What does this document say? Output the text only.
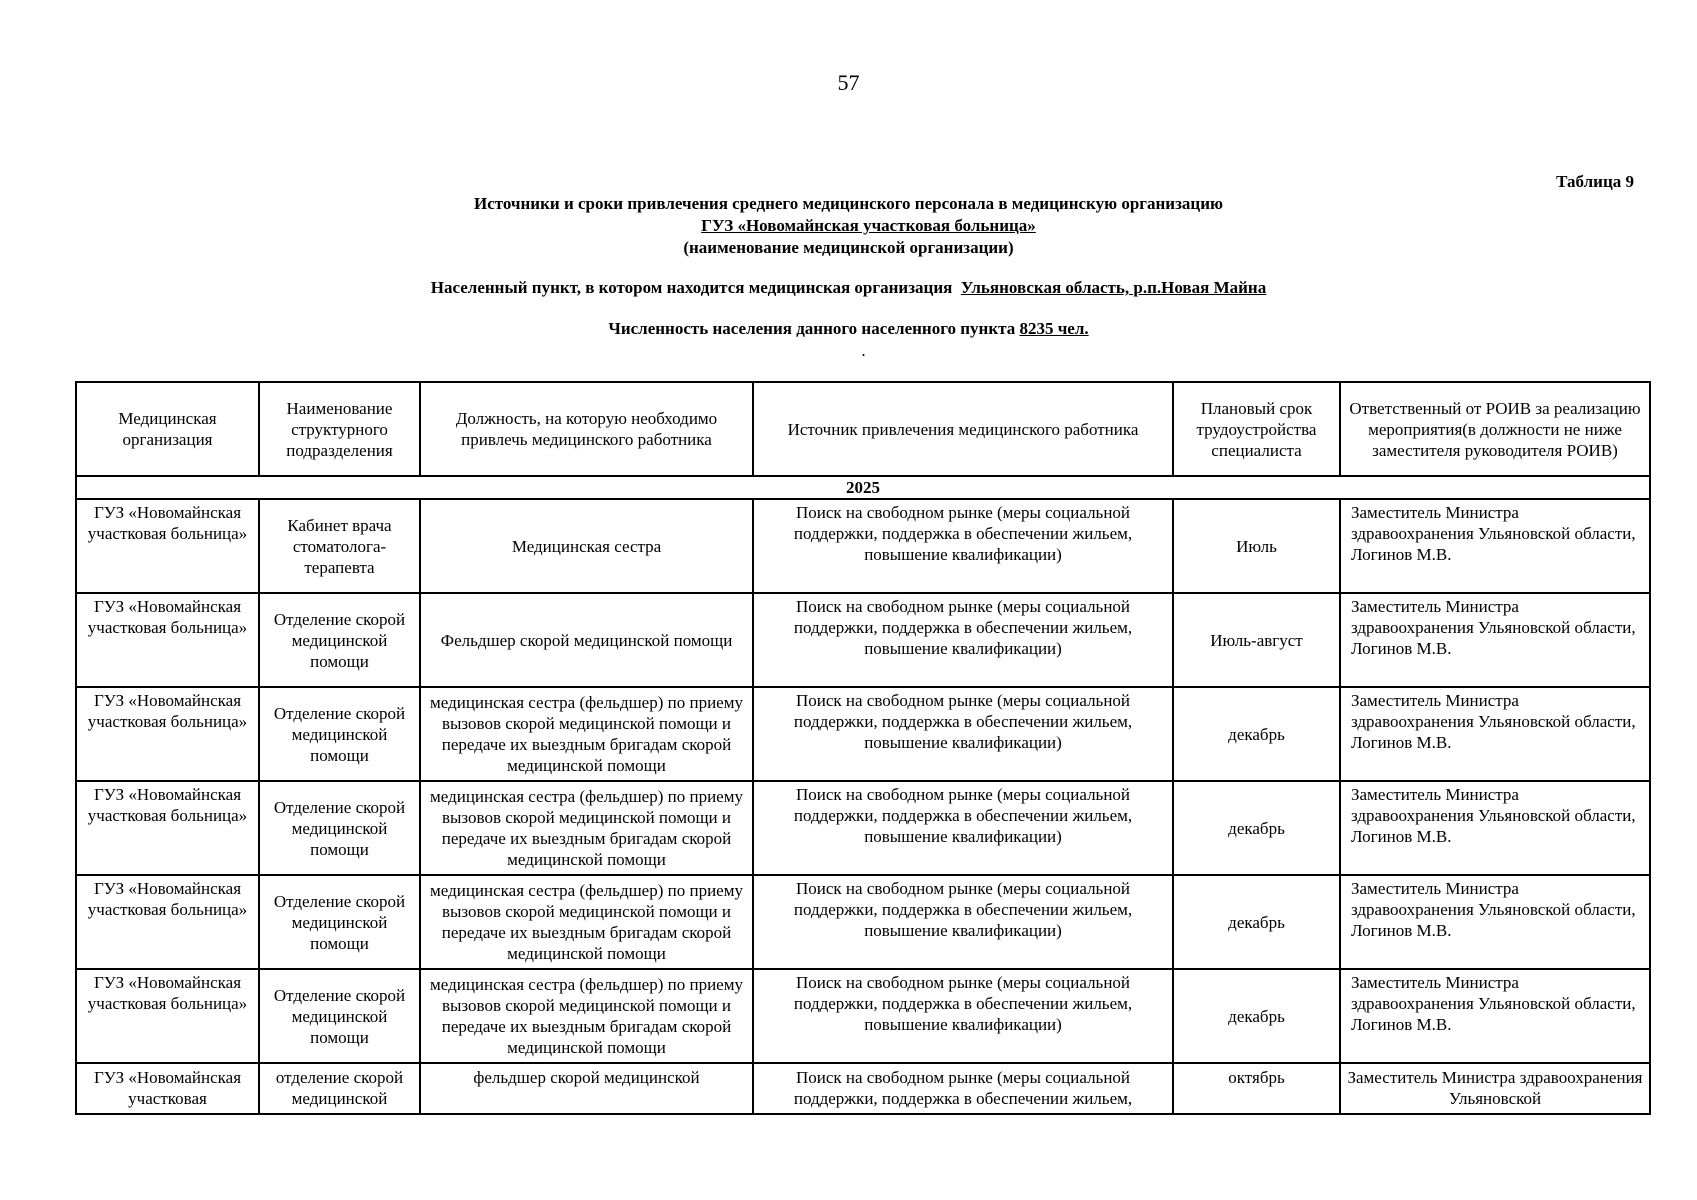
57
Таблица 9
Источники и сроки привлечения среднего медицинского персонала в медицинскую организацию
ГУЗ «Новомайнская участковая больница»
(наименование медицинской организации)
Населенный пункт, в котором находится медицинская организация Ульяновская область, р.п.Новая Майна
Численность населения данного населенного пункта 8235 чел.
.
Медицинская организация	Наименование структурного подразделения	Должность, на которую необходимо привлечь медицинского работника	Источник привлечения медицинского работника	Плановый срок трудоустройства специалиста	Ответственный от РОИВ за реализацию мероприятия(в должности не ниже заместителя руководителя РОИВ)
2025					
ГУЗ «Новомайнская участковая больница»	Кабинет врача стоматолога-терапевта	Медицинская сестра	Поиск на свободном рынке (меры социальной поддержки, поддержка в обеспечении жильем, повышение квалификации)	Июль	Заместитель Министра здравоохранения Ульяновской области, Логинов М.В.
ГУЗ «Новомайнская участковая больница»	Отделение скорой медицинской помощи	Фельдшер скорой медицинской помощи	Поиск на свободном рынке (меры социальной поддержки, поддержка в обеспечении жильем, повышение квалификации)	Июль-август	Заместитель Министра здравоохранения Ульяновской области, Логинов М.В.
ГУЗ «Новомайнская участковая больница»	Отделение скорой медицинской помощи	медицинская сестра (фельдшер) по приему вызовов скорой медицинской помощи и передаче их выездным бригадам скорой медицинской помощи	Поиск на свободном рынке (меры социальной поддержки, поддержка в обеспечении жильем, повышение квалификации)	декабрь	Заместитель Министра здравоохранения Ульяновской области, Логинов М.В.
ГУЗ «Новомайнская участковая больница»	Отделение скорой медицинской помощи	медицинская сестра (фельдшер) по приему вызовов скорой медицинской помощи и передаче их выездным бригадам скорой медицинской помощи	Поиск на свободном рынке (меры социальной поддержки, поддержка в обеспечении жильем, повышение квалификации)	декабрь	Заместитель Министра здравоохранения Ульяновской области, Логинов М.В.
ГУЗ «Новомайнская участковая больница»	Отделение скорой медицинской помощи	медицинская сестра (фельдшер) по приему вызовов скорой медицинской помощи и передаче их выездным бригадам скорой медицинской помощи	Поиск на свободном рынке (меры социальной поддержки, поддержка в обеспечении жильем, повышение квалификации)	декабрь	Заместитель Министра здравоохранения Ульяновской области, Логинов М.В.
ГУЗ «Новомайнская участковая больница»	Отделение скорой медицинской помощи	медицинская сестра (фельдшер) по приему вызовов скорой медицинской помощи и передаче их выездным бригадам скорой медицинской помощи	Поиск на свободном рынке (меры социальной поддержки, поддержка в обеспечении жильем, повышение квалификации)	декабрь	Заместитель Министра здравоохранения Ульяновской области, Логинов М.В.
ГУЗ «Новомайнская участковая	отделение скорой медицинской	фельдшер скорой медицинской	Поиск на свободном рынке (меры социальной поддержки, поддержка в обеспечении жильем,	октябрь	Заместитель Министра здравоохранения Ульяновской
